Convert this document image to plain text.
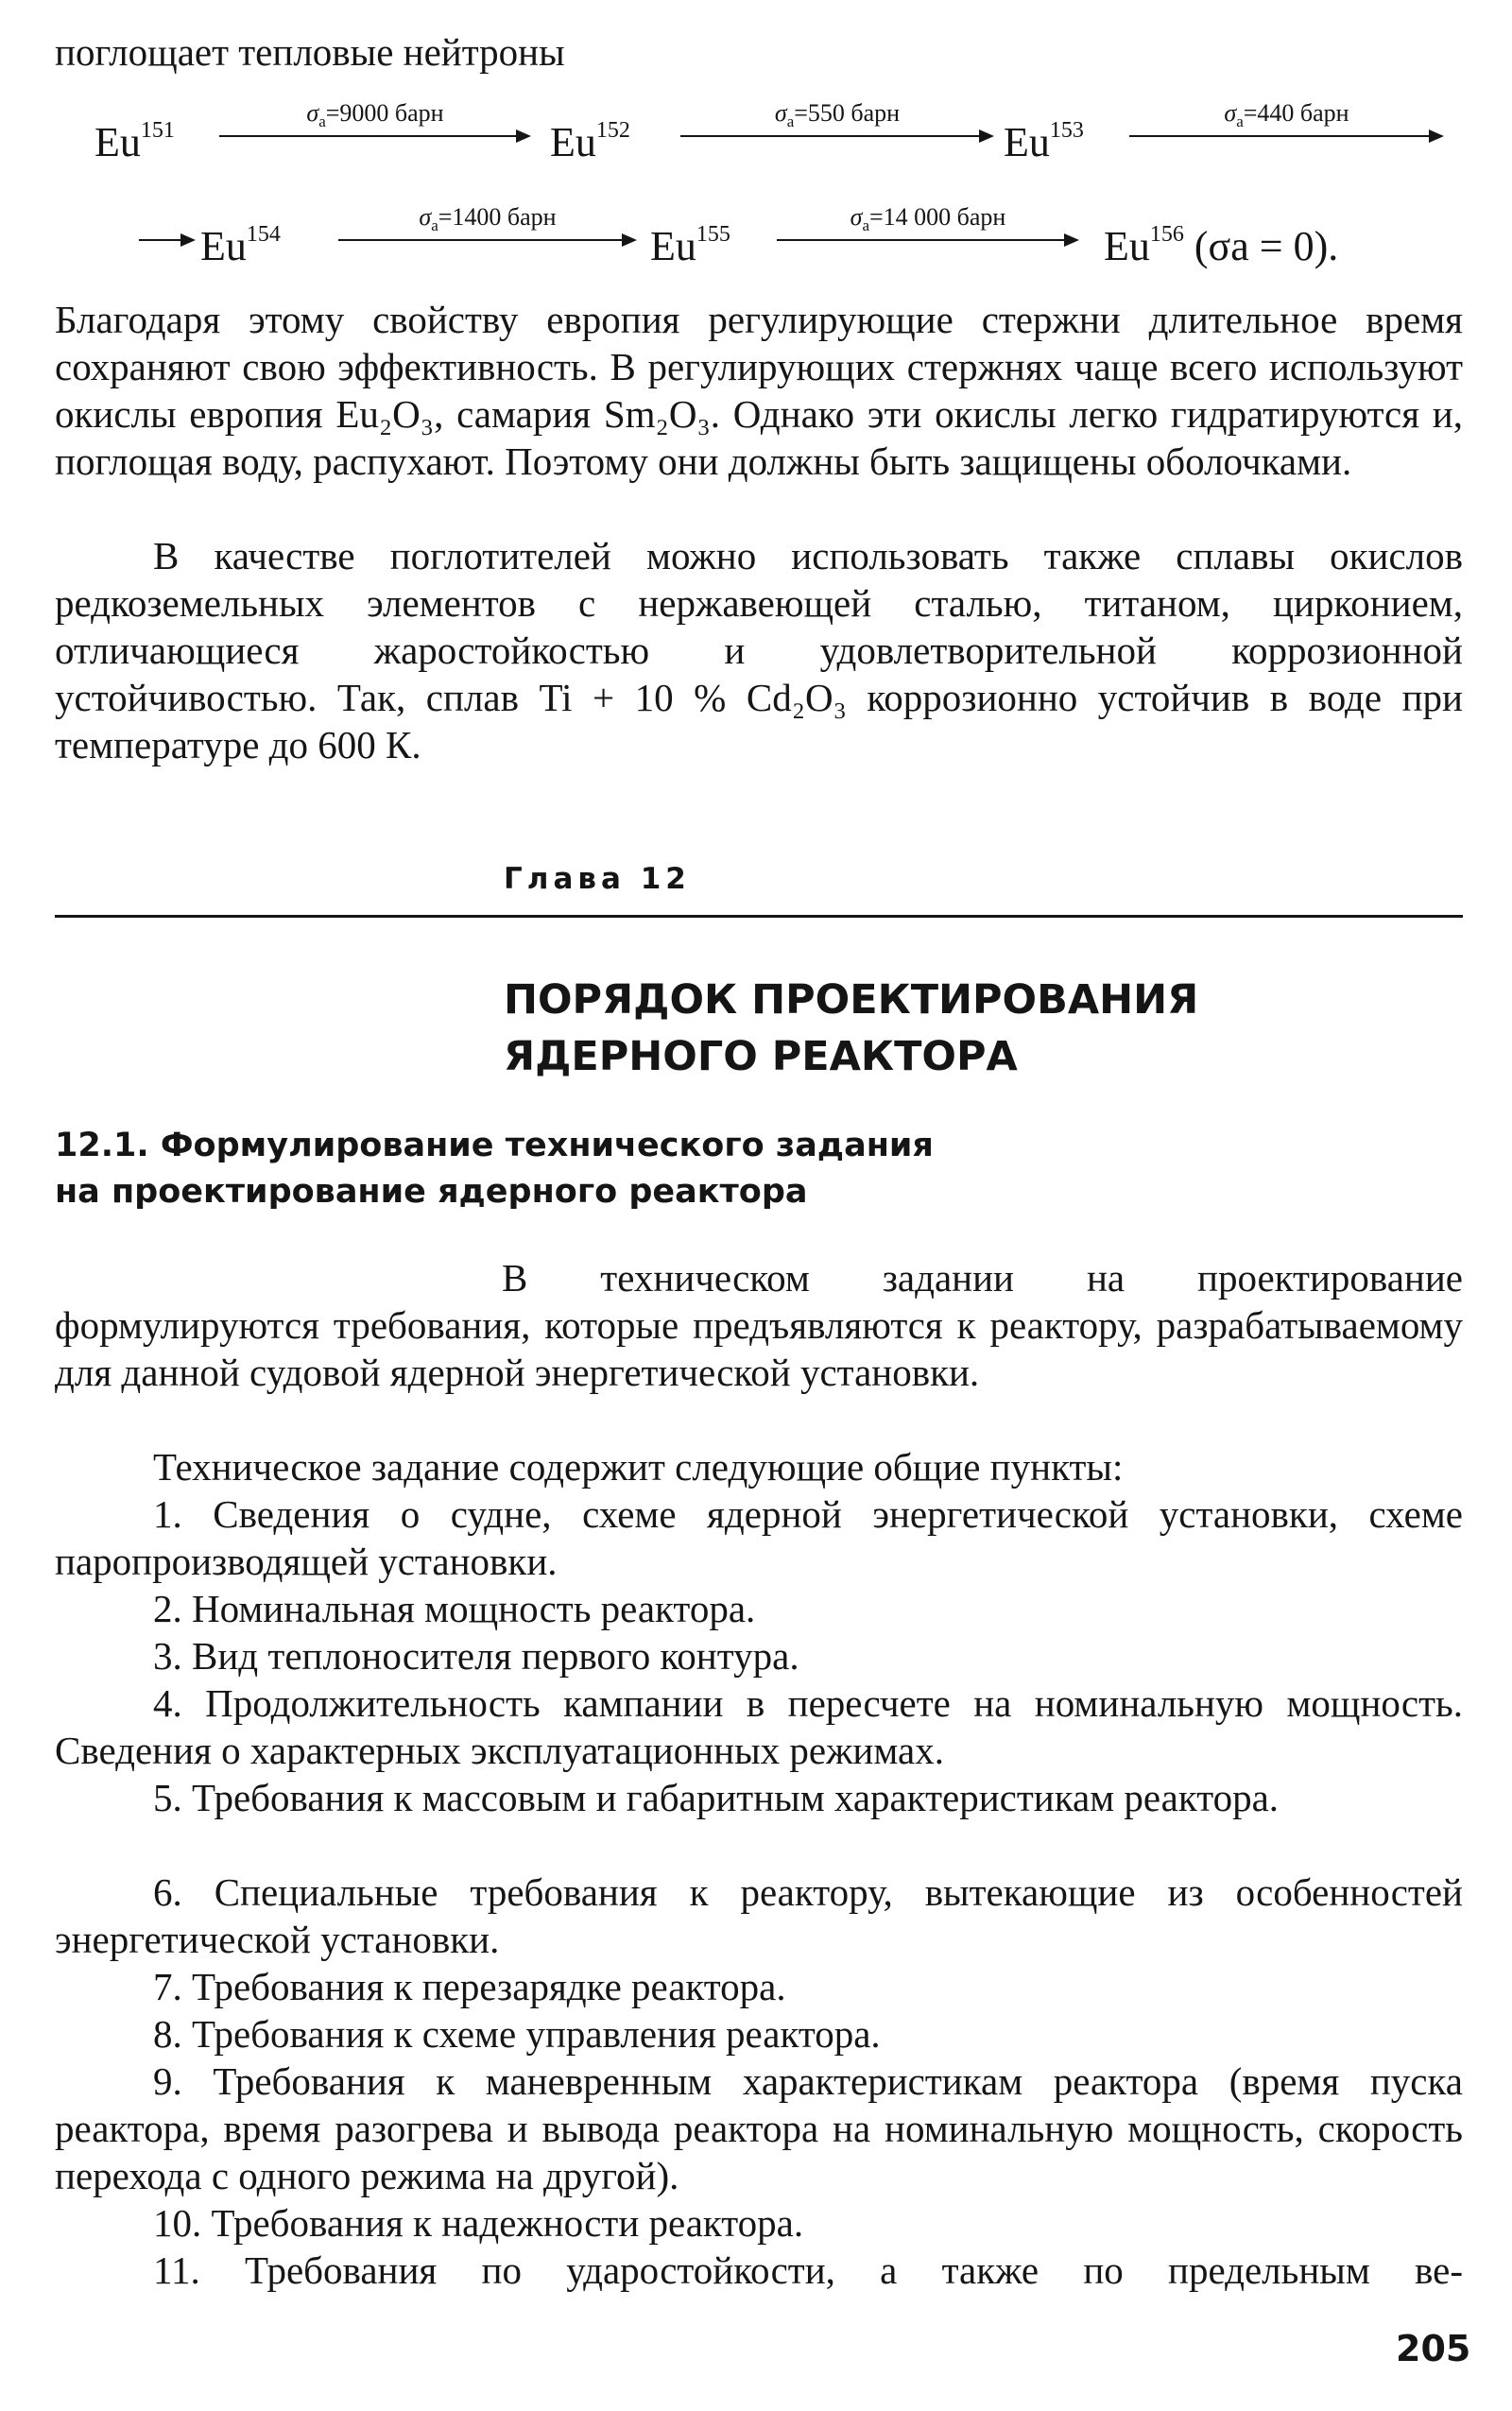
поглощает тепловые нейтроны

Eu$^{151}$
$\sigma_a=9000$ барн
Eu$^{152}$
$\sigma_a=550$ барн
Eu$^{153}$
$\sigma_a=440$ барн
Eu$^{154}$
$\sigma_a=1400$ барн
Eu$^{155}$
$\sigma_a=14$ 000 барн
Eu$^{156}$ (σa = 0).

Благодаря этому свойству европия регулирующие стержни длительное время сохраняют свою эффективность. В регулирующих стержнях чаще всего используют окислы европия Eu₂O₃, самария Sm₂O₃. Однако эти окислы легко гидратируются и, поглощая воду, распухают. Поэтому они должны быть защищены оболочками.

В качестве поглотителей можно использовать также сплавы окислов редкоземельных элементов с нержавеющей сталью, титаном, цирконием, отличающиеся жаростойкостью и удовлетворительной коррозионной устойчивостью. Так, сплав Ti + 10 % Cd₂O₃ коррозионно устойчив в воде при температуре до 600 К.

Глава 12
ПОРЯДОК ПРОЕКТИРОВАНИЯ
ЯДЕРНОГО РЕАКТОРА
12.1. Формулирование технического задания
на проектирование ядерного реактора

В техническом задании на проектирование формулируются требования, которые предъявляются к реактору, разрабатываемому для данной судовой ядерной энергетической установки.

Техническое задание содержит следующие общие пункты:

1. Сведения о судне, схеме ядерной энергетической установки, схеме паропроизводящей установки.

2. Номинальная мощность реактора.

3. Вид теплоносителя первого контура.

4. Продолжительность кампании в пересчете на номинальную мощность. Сведения о характерных эксплуатационных режимах.

5. Требования к массовым и габаритным характеристикам реактора.

6. Специальные требования к реактору, вытекающие из особенностей энергетической установки.

7. Требования к перезарядке реактора.

8. Требования к схеме управления реактора.

9. Требования к маневренным характеристикам реактора (время пуска реактора, время разогрева и вывода реактора на номинальную мощность, скорость перехода с одного режима на другой).

10. Требования к надежности реактора.

11. Требования по ударостойкости, а также по предельным ве-

205
